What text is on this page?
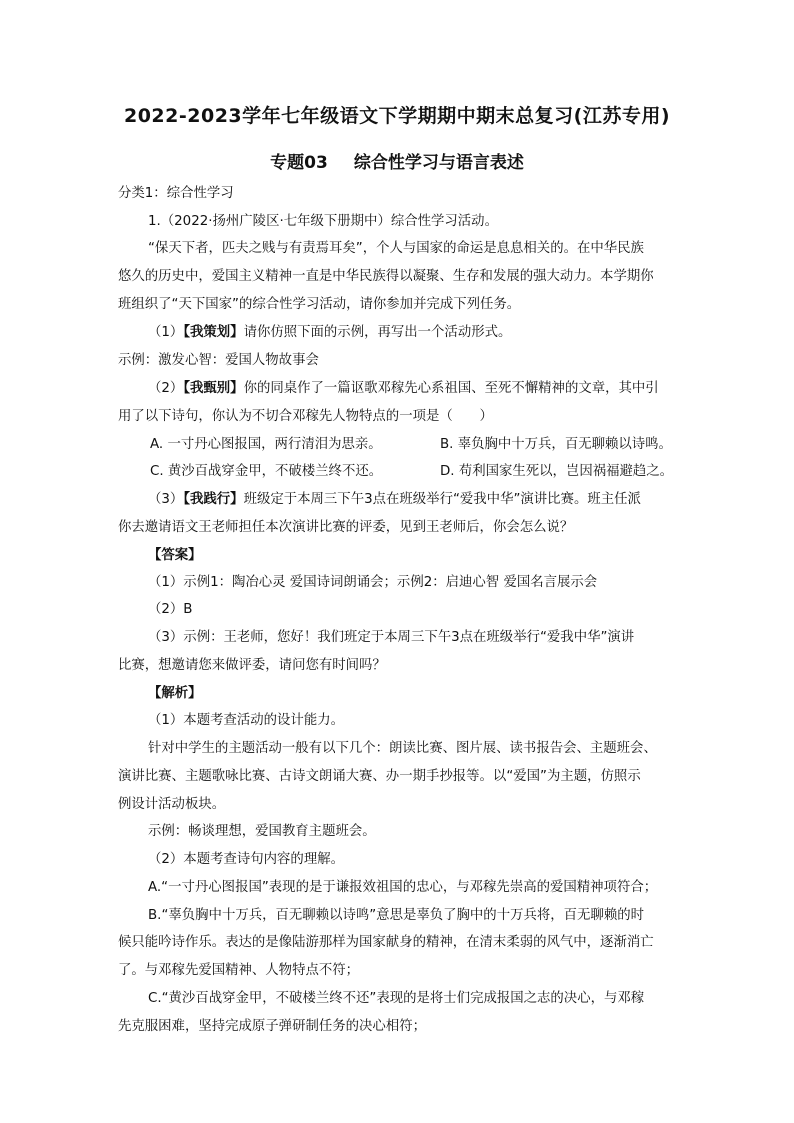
2022-2023学年七年级语文下学期期中期末总复习(江苏专用)
专题03 综合性学习与语言表述
分类1：综合性学习
1.（2022·扬州广陵区·七年级下册期中）综合性学习活动。
“保天下者，匹夫之贱与有责焉耳矣”，个人与国家的命运是息息相关的。在中华民族
悠久的历史中，爱国主义精神一直是中华民族得以凝聚、生存和发展的强大动力。本学期你
班组织了“天下国家”的综合性学习活动，请你参加并完成下列任务。
（1）【我策划】请你仿照下面的示例，再写出一个活动形式。
示例：激发心智：爱国人物故事会
（2）【我甄别】你的同桌作了一篇讴歌邓稼先心系祖国、至死不懈精神的文章，其中引
用了以下诗句，你认为不切合邓稼先人物特点的一项是（　　）
A. 一寸丹心图报国，两行清泪为思亲。	B. 辜负胸中十万兵，百无聊赖以诗鸣。
C. 黄沙百战穿金甲，不破楼兰终不还。	D. 苟利国家生死以，岂因祸福避趋之。
（3）【我践行】班级定于本周三下午3点在班级举行“爱我中华”演讲比赛。班主任派
你去邀请语文王老师担任本次演讲比赛的评委，见到王老师后，你会怎么说？
【答案】
（1）示例1：陶冶心灵 爱国诗词朗诵会；示例2：启迪心智 爱国名言展示会
（2）B
（3）示例：王老师，您好！我们班定于本周三下午3点在班级举行“爱我中华”演讲
比赛，想邀请您来做评委，请问您有时间吗？
【解析】
（1）本题考查活动的设计能力。
针对中学生的主题活动一般有以下几个：朗读比赛、图片展、读书报告会、主题班会、
演讲比赛、主题歌咏比赛、古诗文朗诵大赛、办一期手抄报等。以“爱国”为主题，仿照示
例设计活动板块。
示例：畅谈理想，爱国教育主题班会。
（2）本题考查诗句内容的理解。
A.“一寸丹心图报国”表现的是于谦报效祖国的忠心，与邓稼先崇高的爱国精神项符合；
B.“辜负胸中十万兵，百无聊赖以诗鸣”意思是辜负了胸中的十万兵将，百无聊赖的时
候只能吟诗作乐。表达的是像陆游那样为国家献身的精神，在清末柔弱的风气中，逐渐消亡
了。与邓稼先爱国精神、人物特点不符；
C.“黄沙百战穿金甲，不破楼兰终不还”表现的是将士们完成报国之志的决心，与邓稼
先克服困难，坚持完成原子弹研制任务的决心相符；
